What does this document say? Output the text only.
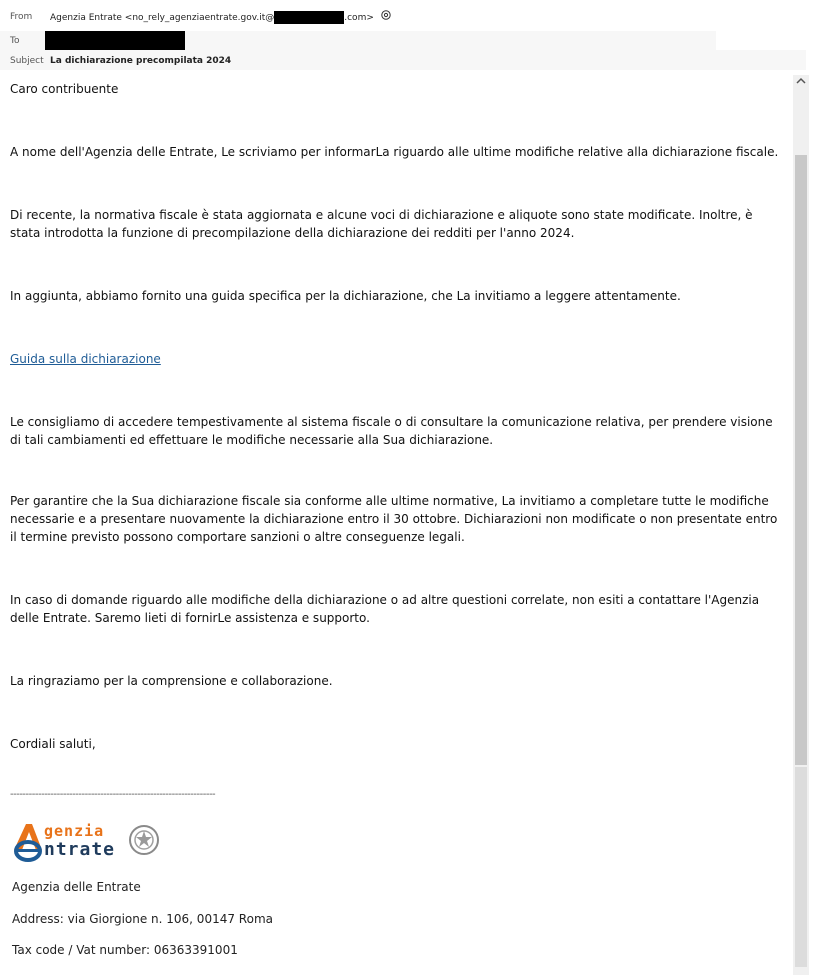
From Agenzia Entrate <no_rely_agenziaentrate.gov.it@	.com>
To
Subject La dichiarazione precompilata 2024

Caro contribuente

A nome dell'Agenzia delle Entrate, Le scriviamo per informarLa riguardo alle ultime modifiche relative alla dichiarazione fiscale.

Di recente, la normativa fiscale è stata aggiornata e alcune voci di dichiarazione e aliquote sono state modificate. Inoltre, è stata introdotta la funzione di precompilazione della dichiarazione dei redditi per l'anno 2024.

In aggiunta, abbiamo fornito una guida specifica per la dichiarazione, che La invitiamo a leggere attentamente.

Guida sulla dichiarazione

Le consigliamo di accedere tempestivamente al sistema fiscale o di consultare la comunicazione relativa, per prendere visione di tali cambiamenti ed effettuare le modifiche necessarie alla Sua dichiarazione.

Per garantire che la Sua dichiarazione fiscale sia conforme alle ultime normative, La invitiamo a completare tutte le modifiche necessarie e a presentare nuovamente la dichiarazione entro il 30 ottobre. Dichiarazioni non modificate o non presentate entro il termine previsto possono comportare sanzioni o altre conseguenze legali.

In caso di domande riguardo alle modifiche della dichiarazione o ad altre questioni correlate, non esiti a contattare l'Agenzia delle Entrate. Saremo lieti di fornirLe assistenza e supporto.

La ringraziamo per la comprensione e collaborazione.

Cordiali saluti,

------------------------------------------------------------------
genzia
ntrate
Agenzia delle Entrate
Address: via Giorgione n. 106, 00147 Roma
Tax code / Vat number: 06363391001
